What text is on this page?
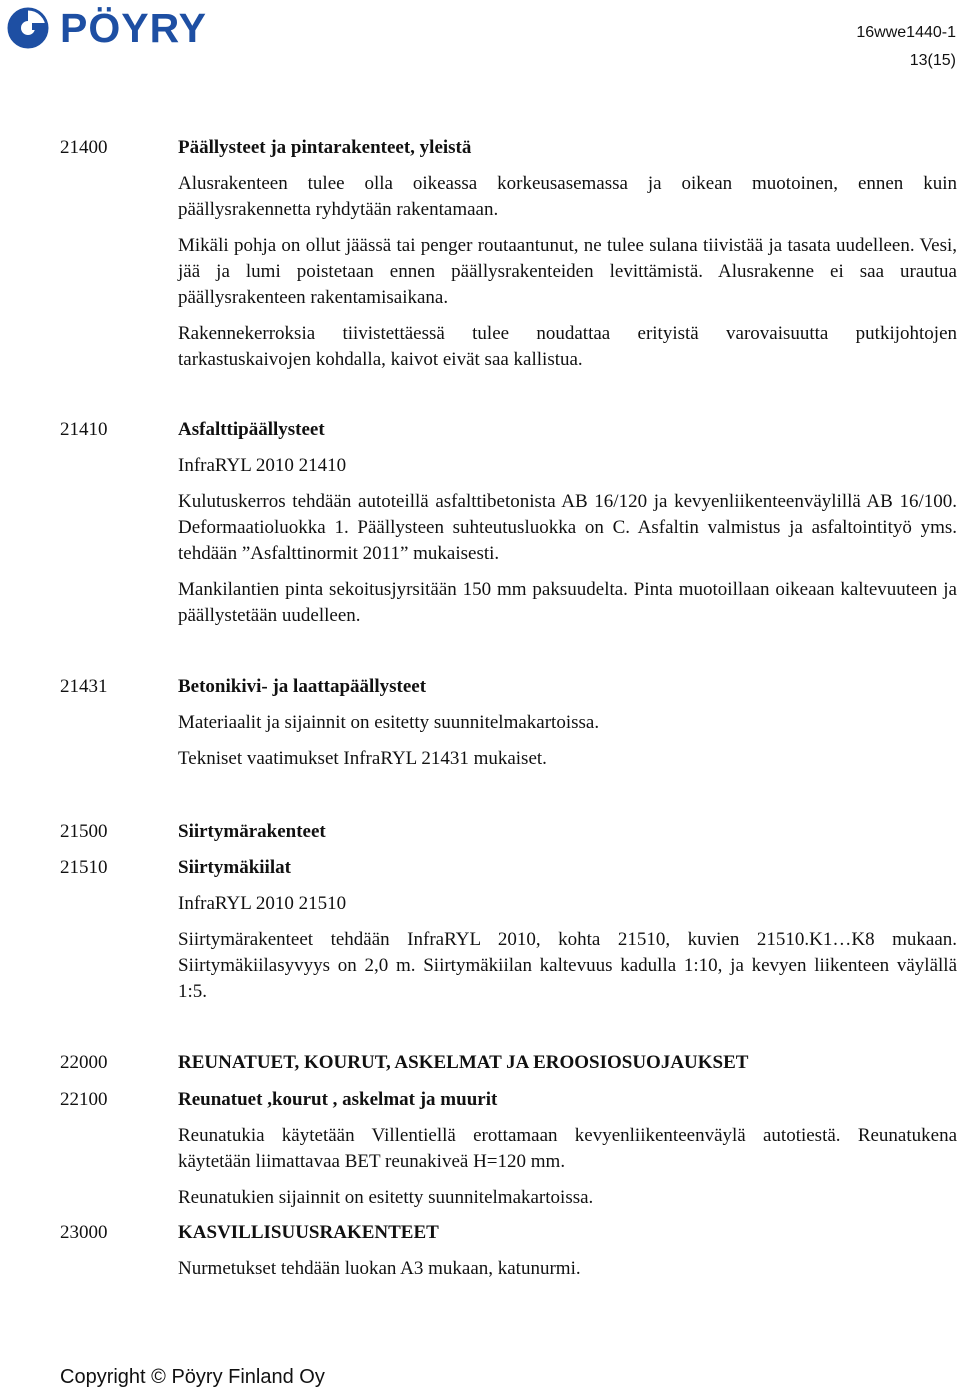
PÖYRY	16wwe1440-1
13(15)
21400	Päällysteet ja pintarakenteet, yleistä
Alusrakenteen tulee olla oikeassa korkeusasemassa ja oikean muotoinen, ennen kuin päällysrakennetta ryhdytään rakentamaan.
Mikäli pohja on ollut jäässä tai penger routaantunut, ne tulee sulana tiivistää ja tasata uudelleen. Vesi, jää ja lumi poistetaan ennen päällysrakenteiden levittämistä. Alusrakenne ei saa urautua päällysrakenteen rakentamisaikana.
Rakennekerroksia tiivistettäessä tulee noudattaa erityistä varovaisuutta putkijohtojen tarkastuskaivojen kohdalla, kaivot eivät saa kallistua.
21410	Asfalttipäällysteet
InfraRYL 2010 21410
Kulutuskerros tehdään autoteillä asfalttibetonista AB 16/120 ja kevyenliikenteenväylillä AB 16/100. Deformaatioluokka 1. Päällysteen suhteutusluokka on C. Asfaltin valmistus ja asfaltointityö yms. tehdään ”Asfalttinormit 2011” mukaisesti.
Mankilantien pinta sekoitusjyrsitään 150 mm paksuudelta. Pinta muotoillaan oikeaan kaltevuuteen ja päällystetään uudelleen.
21431	Betonikivi- ja laattapäällysteet
Materiaalit ja sijainnit on esitetty suunnitelmakartoissa.
Tekniset vaatimukset InfraRYL 21431 mukaiset.
21500	Siirtymärakenteet
21510	Siirtymäkiilat
InfraRYL 2010 21510
Siirtymärakenteet tehdään InfraRYL 2010, kohta 21510, kuvien 21510.K1…K8 mukaan. Siirtymäkiilasyvyys on 2,0 m. Siirtymäkiilan kaltevuus kadulla 1:10, ja kevyen liikenteen väylällä 1:5.
22000	REUNATUET, KOURUT, ASKELMAT JA EROOSIOSUOJAUKSET
22100	Reunatuet ,kourut , askelmat ja muurit
Reunatukia käytetään Villentiellä erottamaan kevyenliikenteenväylä autotiestä. Reunatukena käytetään liimattavaa BET reunakiveä H=120 mm.
Reunatukien sijainnit on esitetty suunnitelmakartoissa.
23000	KASVILLISUUSRAKENTEET
Nurmetukset tehdään luokan A3 mukaan, katunurmi.
Copyright © Pöyry Finland Oy
